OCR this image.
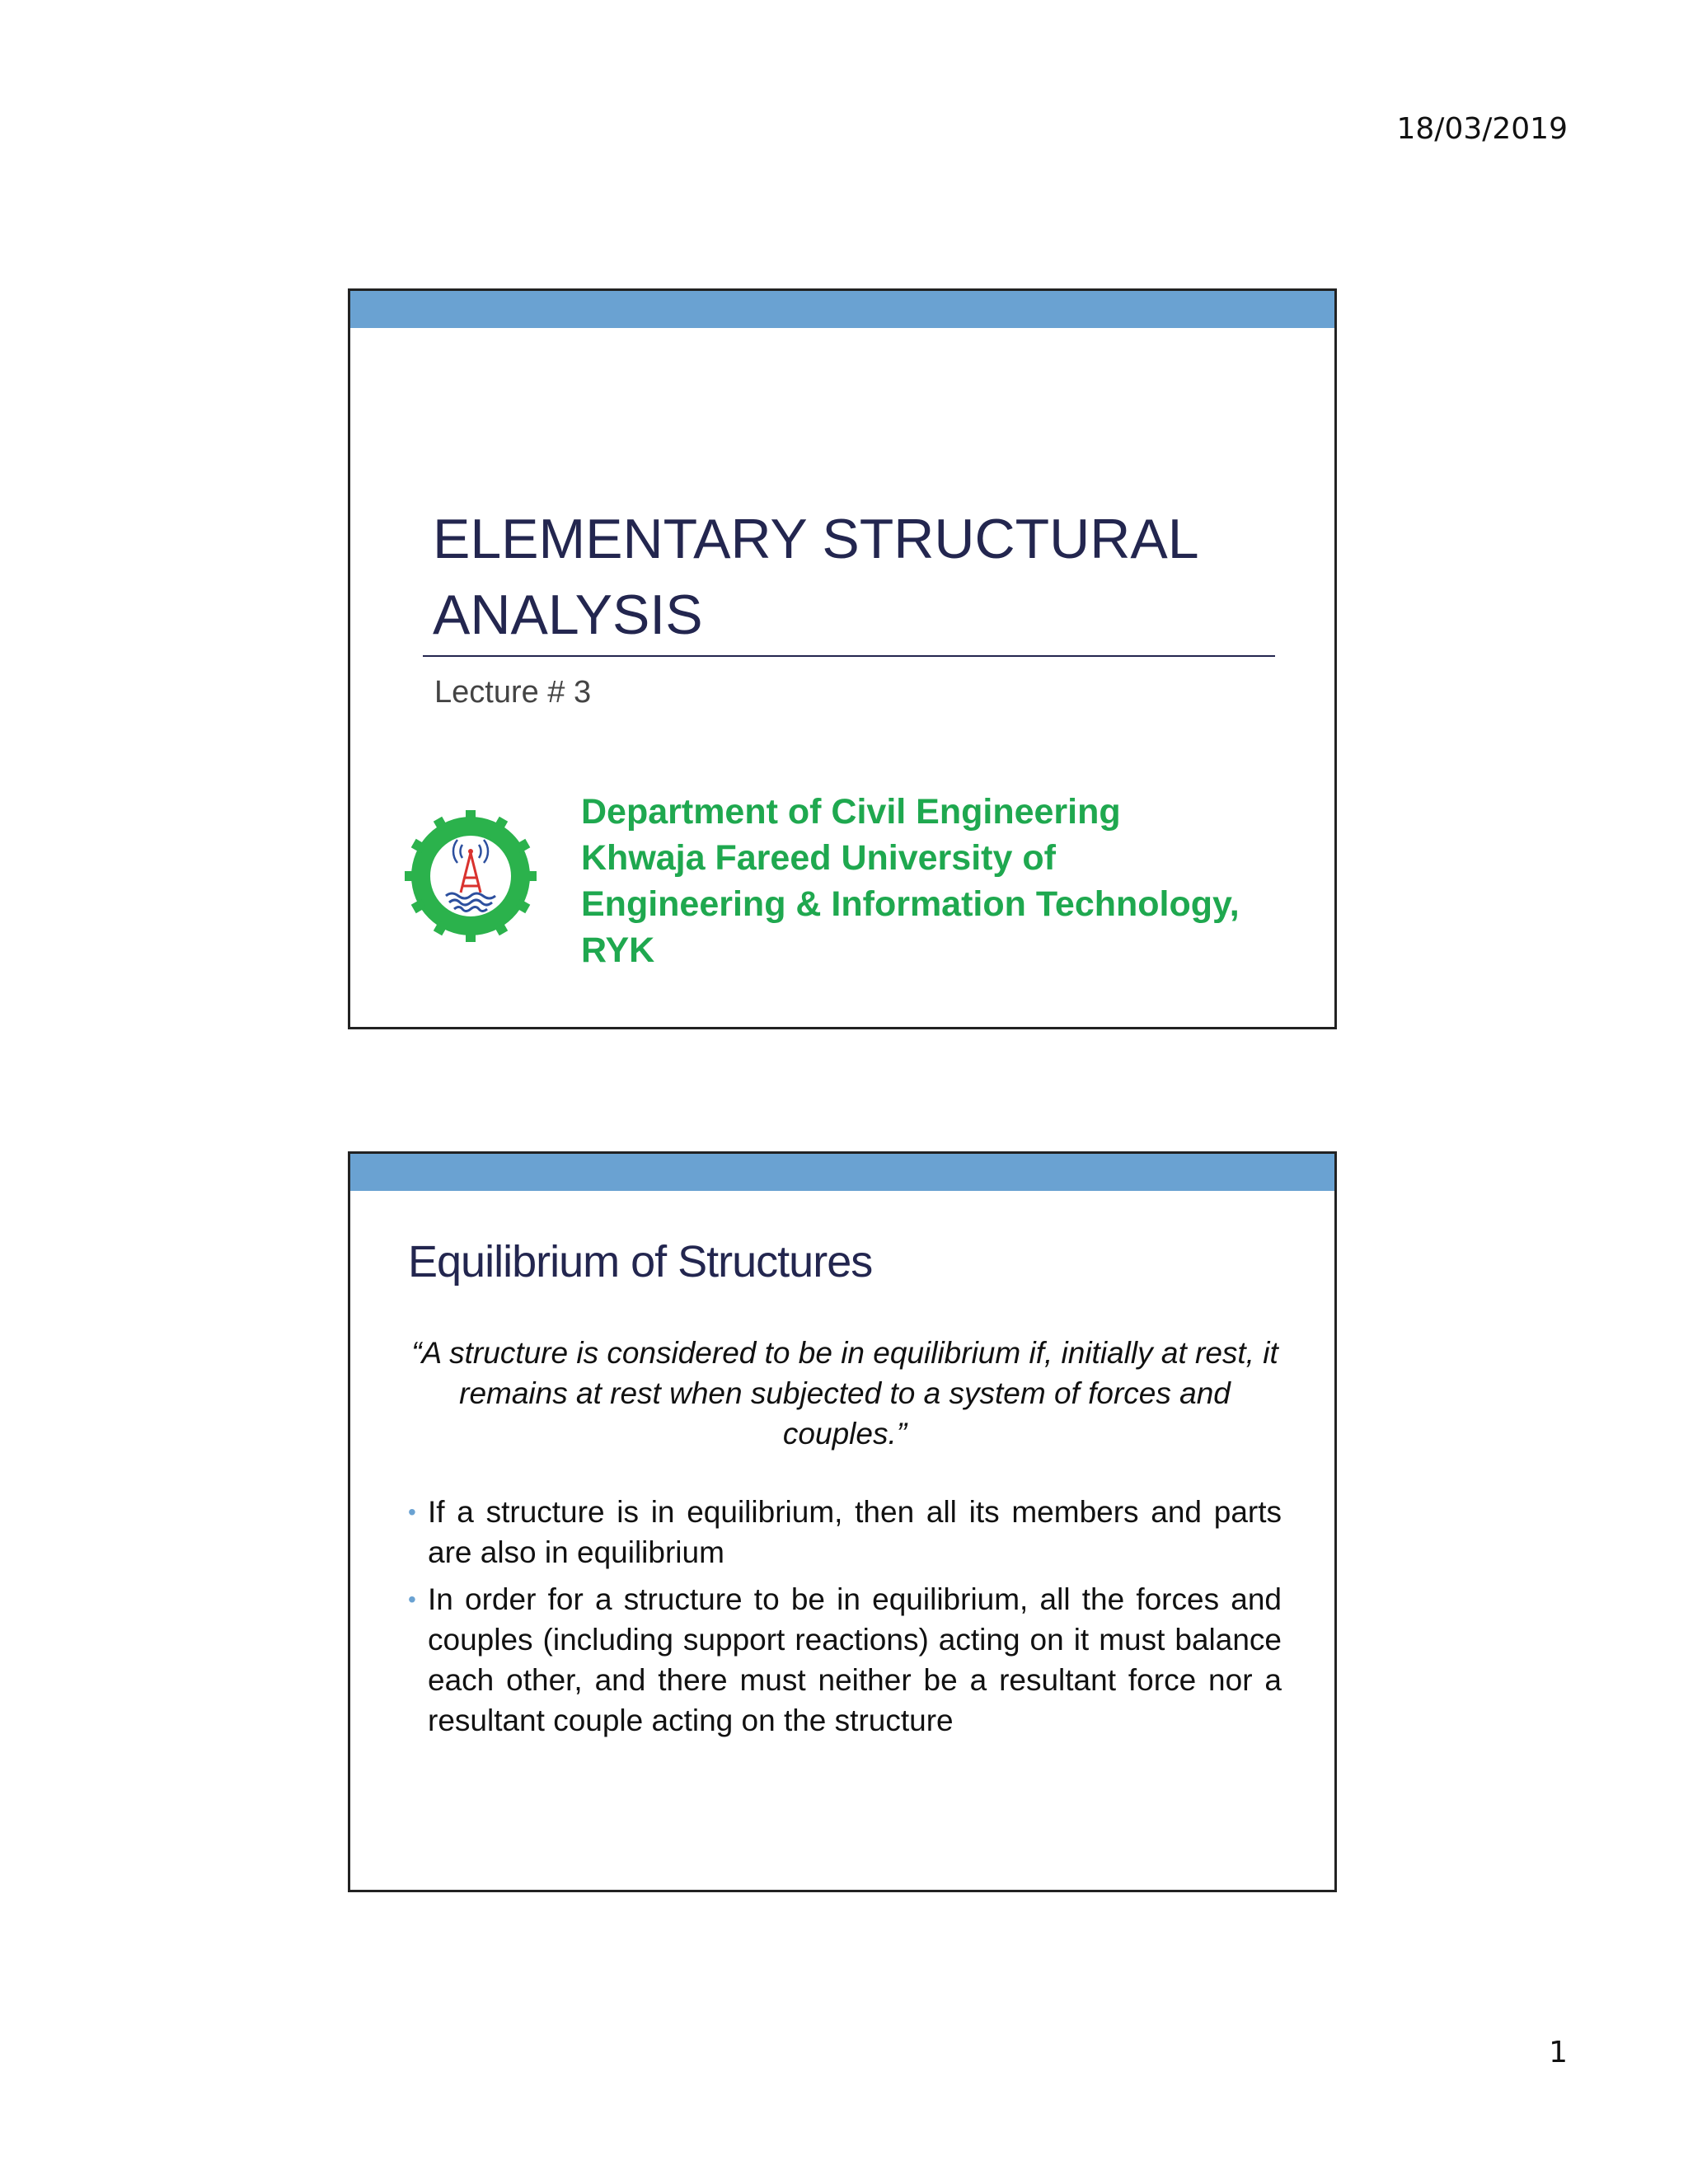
18/03/2019
ELEMENTARY STRUCTURAL
ANALYSIS
Lecture # 3
Department of Civil Engineering
Khwaja Fareed University of
Engineering & Information Technology,
RYK
Equilibrium of Structures
“A structure is considered to be in equilibrium if, initially at rest, it remains at rest when subjected to a system of forces and couples.”
• If a structure is in equilibrium, then all its members and parts are also in equilibrium
• In order for a structure to be in equilibrium, all the forces and couples (including support reactions) acting on it must balance each other, and there must neither be a resultant force nor a resultant couple acting on the structure
1
